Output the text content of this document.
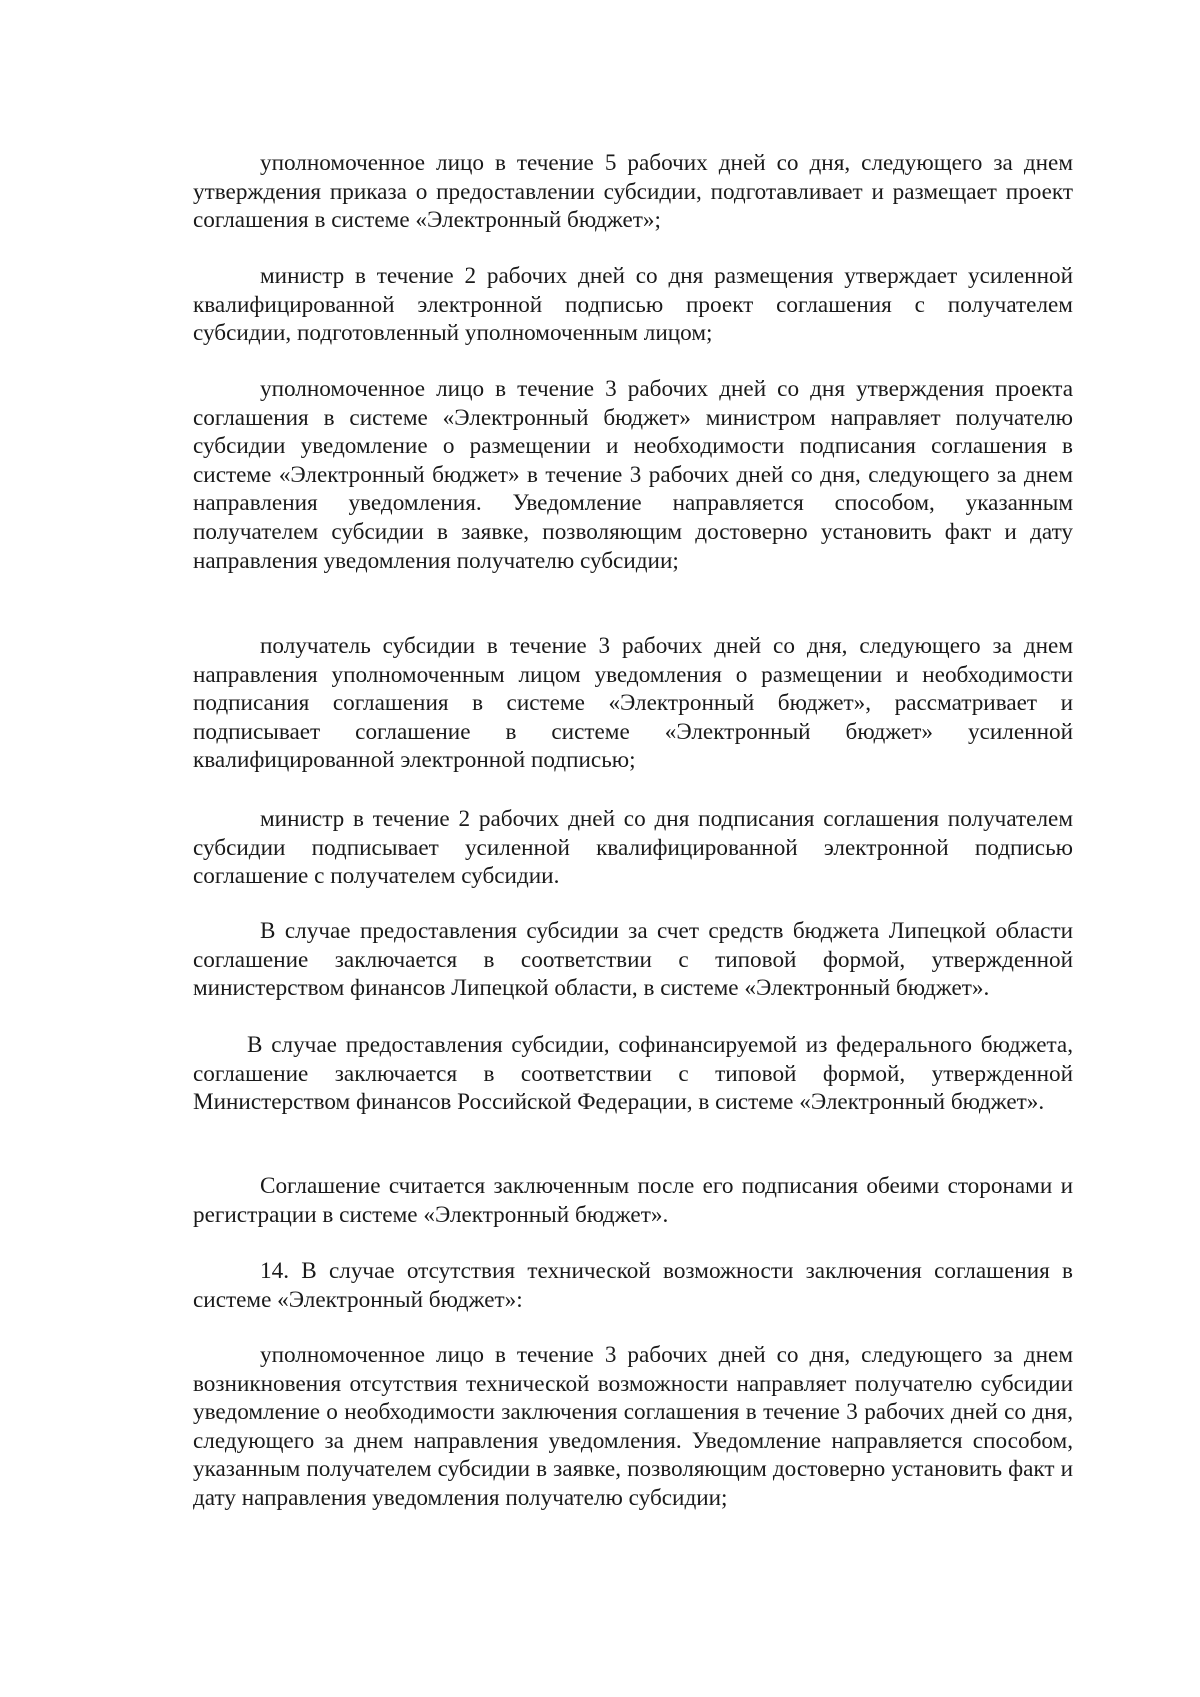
уполномоченное лицо в течение 5 рабочих дней со дня, следующего за днем утверждения приказа о предоставлении субсидии, подготавливает и размещает проект соглашения в системе «Электронный бюджет»;

министр в течение 2 рабочих дней со дня размещения утверждает усиленной квалифицированной электронной подписью проект соглашения с получателем субсидии, подготовленный уполномоченным лицом;

уполномоченное лицо в течение 3 рабочих дней со дня утверждения проекта соглашения в системе «Электронный бюджет» министром направляет получателю субсидии уведомление о размещении и необходимости подписания соглашения в системе «Электронный бюджет» в течение 3 рабочих дней со дня, следующего за днем направления уведомления. Уведомление направляется способом, указанным получателем субсидии в заявке, позволяющим достоверно установить факт и дату направления уведомления получателю субсидии;

получатель субсидии в течение 3 рабочих дней со дня, следующего за днем направления уполномоченным лицом уведомления о размещении и необходимости подписания соглашения в системе «Электронный бюджет», рассматривает и подписывает соглашение в системе «Электронный бюджет» усиленной квалифицированной электронной подписью;

министр в течение 2 рабочих дней со дня подписания соглашения получателем субсидии подписывает усиленной квалифицированной электронной подписью соглашение с получателем субсидии.

В случае предоставления субсидии за счет средств бюджета Липецкой области соглашение заключается в соответствии с типовой формой, утвержденной министерством финансов Липецкой области, в системе «Электронный бюджет».

В случае предоставления субсидии, софинансируемой из федерального бюджета, соглашение заключается в соответствии с типовой формой, утвержденной Министерством финансов Российской Федерации, в системе «Электронный бюджет».

Соглашение считается заключенным после его подписания обеими сторонами и регистрации в системе «Электронный бюджет».

14. В случае отсутствия технической возможности заключения соглашения в системе «Электронный бюджет»:

уполномоченное лицо в течение 3 рабочих дней со дня, следующего за днем возникновения отсутствия технической возможности направляет получателю субсидии уведомление о необходимости заключения соглашения в течение 3 рабочих дней со дня, следующего за днем направления уведомления. Уведомление направляется способом, указанным получателем субсидии в заявке, позволяющим достоверно установить факт и дату направления уведомления получателю субсидии;
